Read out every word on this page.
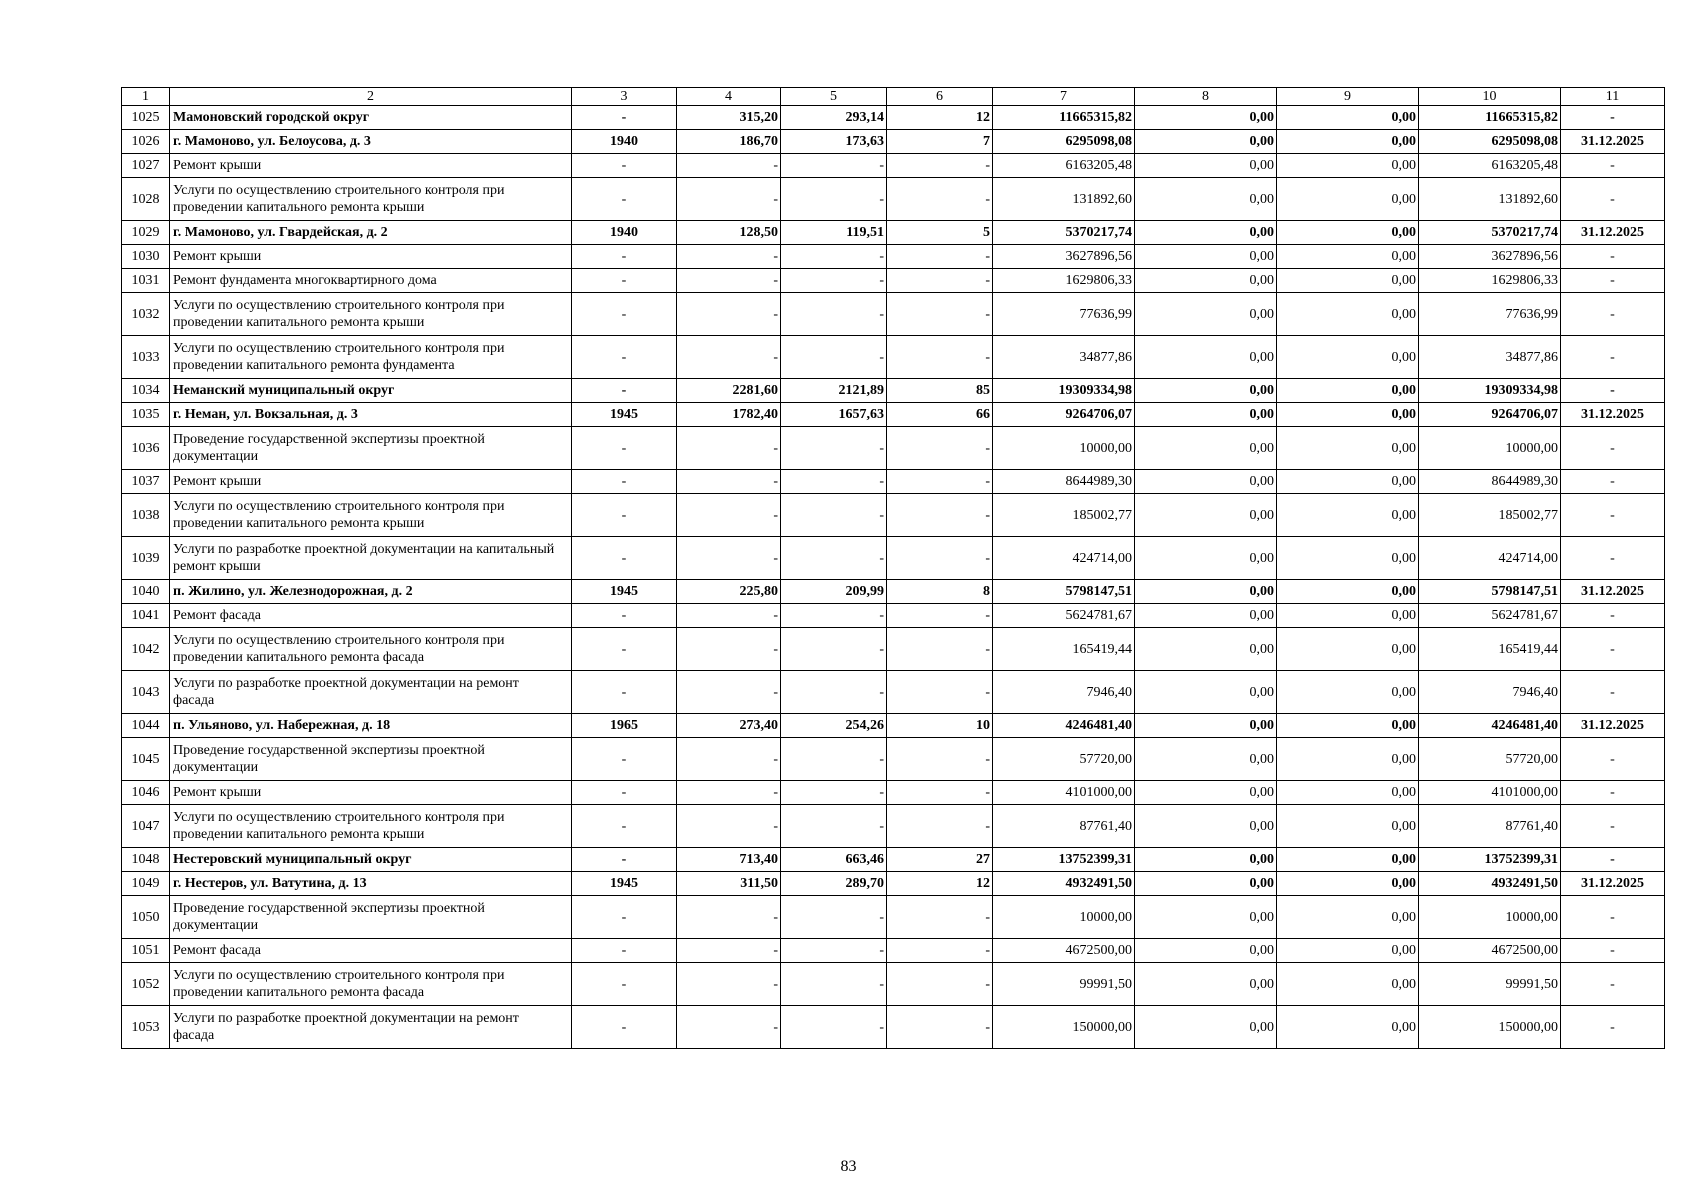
1	2	3	4	5	6	7	8	9	10	11
1025	Мамоновский городской округ	-	315,20	293,14	12	11665315,82	0,00	0,00	11665315,82	-
1026	г. Мамоново, ул. Белоусова, д. 3	1940	186,70	173,63	7	6295098,08	0,00	0,00	6295098,08	31.12.2025
1027	Ремонт крыши	-	-	-	-	6163205,48	0,00	0,00	6163205,48	-
1028	Услуги по осуществлению строительного контроля при проведении капитального ремонта крыши	-	-	-	-	131892,60	0,00	0,00	131892,60	-
1029	г. Мамоново, ул. Гвардейская, д. 2	1940	128,50	119,51	5	5370217,74	0,00	0,00	5370217,74	31.12.2025
1030	Ремонт крыши	-	-	-	-	3627896,56	0,00	0,00	3627896,56	-
1031	Ремонт фундамента многоквартирного дома	-	-	-	-	1629806,33	0,00	0,00	1629806,33	-
1032	Услуги по осуществлению строительного контроля при проведении капитального ремонта крыши	-	-	-	-	77636,99	0,00	0,00	77636,99	-
1033	Услуги по осуществлению строительного контроля при проведении капитального ремонта фундамента	-	-	-	-	34877,86	0,00	0,00	34877,86	-
1034	Неманский муниципальный округ	-	2281,60	2121,89	85	19309334,98	0,00	0,00	19309334,98	-
1035	г. Неман, ул. Вокзальная, д. 3	1945	1782,40	1657,63	66	9264706,07	0,00	0,00	9264706,07	31.12.2025
1036	Проведение государственной экспертизы проектной документации	-	-	-	-	10000,00	0,00	0,00	10000,00	-
1037	Ремонт крыши	-	-	-	-	8644989,30	0,00	0,00	8644989,30	-
1038	Услуги по осуществлению строительного контроля при проведении капитального ремонта крыши	-	-	-	-	185002,77	0,00	0,00	185002,77	-
1039	Услуги по разработке проектной документации на капитальный ремонт крыши	-	-	-	-	424714,00	0,00	0,00	424714,00	-
1040	п. Жилино, ул. Железнодорожная, д. 2	1945	225,80	209,99	8	5798147,51	0,00	0,00	5798147,51	31.12.2025
1041	Ремонт фасада	-	-	-	-	5624781,67	0,00	0,00	5624781,67	-
1042	Услуги по осуществлению строительного контроля при проведении капитального ремонта фасада	-	-	-	-	165419,44	0,00	0,00	165419,44	-
1043	Услуги по разработке проектной документации на ремонт фасада	-	-	-	-	7946,40	0,00	0,00	7946,40	-
1044	п. Ульяново, ул. Набережная, д. 18	1965	273,40	254,26	10	4246481,40	0,00	0,00	4246481,40	31.12.2025
1045	Проведение государственной экспертизы проектной документации	-	-	-	-	57720,00	0,00	0,00	57720,00	-
1046	Ремонт крыши	-	-	-	-	4101000,00	0,00	0,00	4101000,00	-
1047	Услуги по осуществлению строительного контроля при проведении капитального ремонта крыши	-	-	-	-	87761,40	0,00	0,00	87761,40	-
1048	Нестеровский муниципальный округ	-	713,40	663,46	27	13752399,31	0,00	0,00	13752399,31	-
1049	г. Нестеров, ул. Ватутина, д. 13	1945	311,50	289,70	12	4932491,50	0,00	0,00	4932491,50	31.12.2025
1050	Проведение государственной экспертизы проектной документации	-	-	-	-	10000,00	0,00	0,00	10000,00	-
1051	Ремонт фасада	-	-	-	-	4672500,00	0,00	0,00	4672500,00	-
1052	Услуги по осуществлению строительного контроля при проведении капитального ремонта фасада	-	-	-	-	99991,50	0,00	0,00	99991,50	-
1053	Услуги по разработке проектной документации на ремонт фасада	-	-	-	-	150000,00	0,00	0,00	150000,00	-
83
